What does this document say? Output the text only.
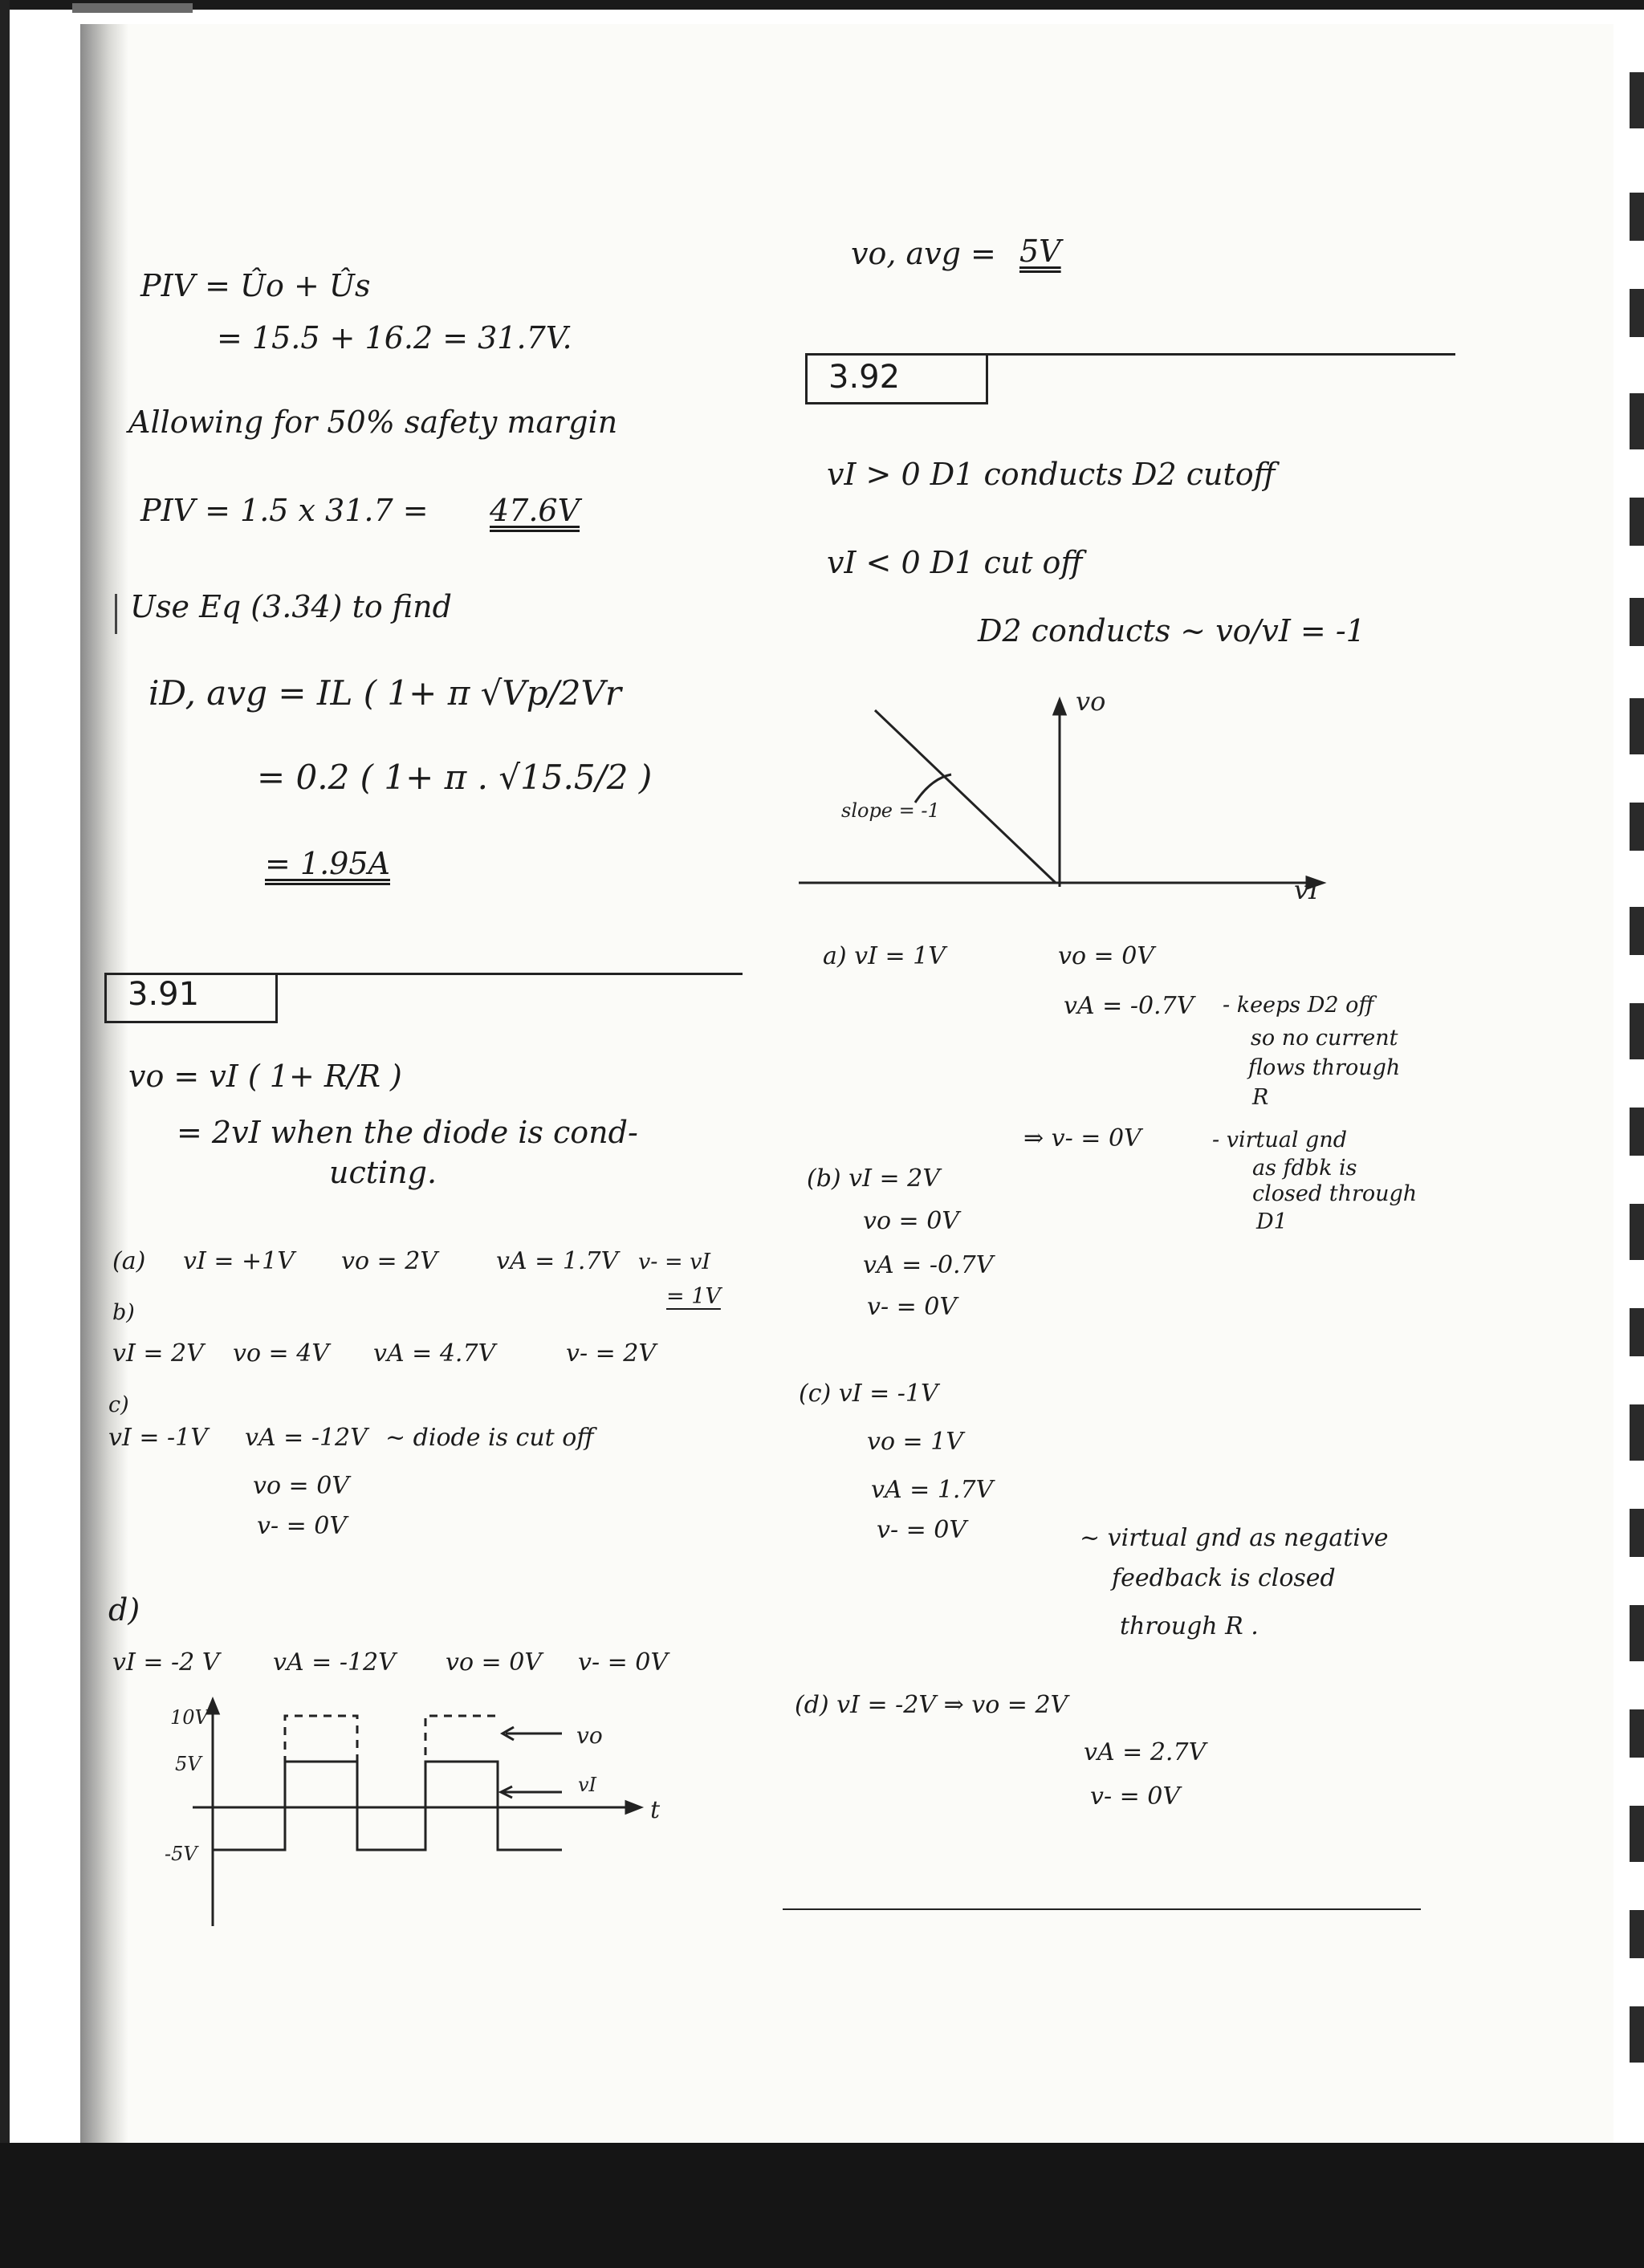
PIV = Ûo + Ûs
= 15.5 + 16.2 = 31.7V.
Allowing for 50% safety margin
PIV = 1.5 x 31.7 = 47.6V
Use Eq (3.34) to find
iD, avg = IL ( 1+ π √Vp/2Vr
= 0.2 ( 1+ π . √15.5/2 )
= 1.95A
3.91
vo = vI ( 1+ R/R )
= 2vI when the diode is cond-
ucting.
(a) vI = +1V vo = 2V vA = 1.7V v- = vI
= 1V
b)
vI = 2V vo = 4V vA = 4.7V	v- = 2V
c)
vI = -1V vA = -12V ~ diode is cut off
vo = 0V
v- = 0V
d)
vI = -2 V vA = -12V vo = 0V v- = 0V
10V
5V
-5V
vo
vI
t
vo, avg = 5V
3.92
vI > 0 D1 conducts D2 cutoff
vI < 0 D1 cut off
D2 conducts ~ vo/vI = -1
vo
vI
slope = -1
a) vI = 1V	vo = 0V
vA = -0.7V - keeps D2 off
so no current
flows through
R
⇒ v- = 0V	- virtual gnd
as fdbk is
closed through
D1
(b) vI = 2V
vo = 0V
vA = -0.7V
v- = 0V
(c) vI = -1V
vo = 1V
vA = 1.7V
v- = 0V	~ virtual gnd as negative
feedback is closed
through R .
(d) vI = -2V ⇒ vo = 2V
vA = 2.7V
v- = 0V
